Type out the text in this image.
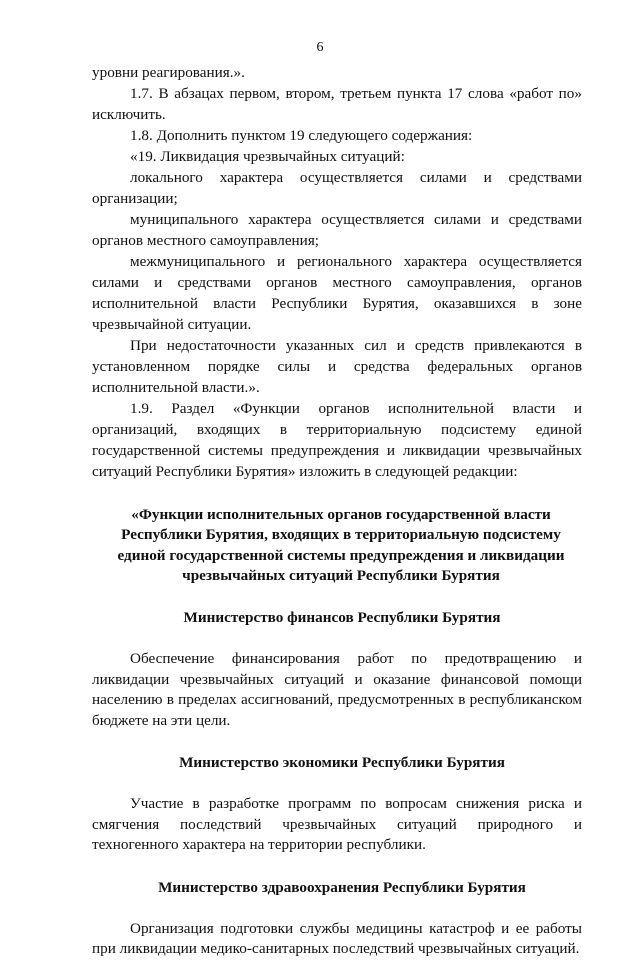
6

уровни реагирования.».

1.7. В абзацах первом, втором, третьем пункта 17 слова «работ по» исключить.

1.8. Дополнить пунктом 19 следующего содержания:

«19. Ликвидация чрезвычайных ситуаций:

локального характера осуществляется силами и средствами организации;

муниципального характера осуществляется силами и средствами органов местного самоуправления;

межмуниципального и регионального характера осуществляется силами и средствами органов местного самоуправления, органов исполнительной власти Республики Бурятия, оказавшихся в зоне чрезвычайной ситуации.

При недостаточности указанных сил и средств привлекаются в установленном порядке силы и средства федеральных органов исполнительной власти.».

1.9. Раздел «Функции органов исполнительной власти и организаций, входящих в территориальную подсистему единой государственной системы предупреждения и ликвидации чрезвычайных ситуаций Республики Бурятия» изложить в следующей редакции:

«Функции исполнительных органов государственной власти Республики Бурятия, входящих в территориальную подсистему единой государственной системы предупреждения и ликвидации чрезвычайных ситуаций Республики Бурятия

Министерство финансов Республики Бурятия

Обеспечение финансирования работ по предотвращению и ликвидации чрезвычайных ситуаций и оказание финансовой помощи населению в пределах ассигнований, предусмотренных в республиканском бюджете на эти цели.

Министерство экономики Республики Бурятия

Участие в разработке программ по вопросам снижения риска и смягчения последствий чрезвычайных ситуаций природного и техногенного характера на территории республики.

Министерство здравоохранения Республики Бурятия

Организация подготовки службы медицины катастроф и ее работы при ликвидации медико-санитарных последствий чрезвычайных ситуаций.
